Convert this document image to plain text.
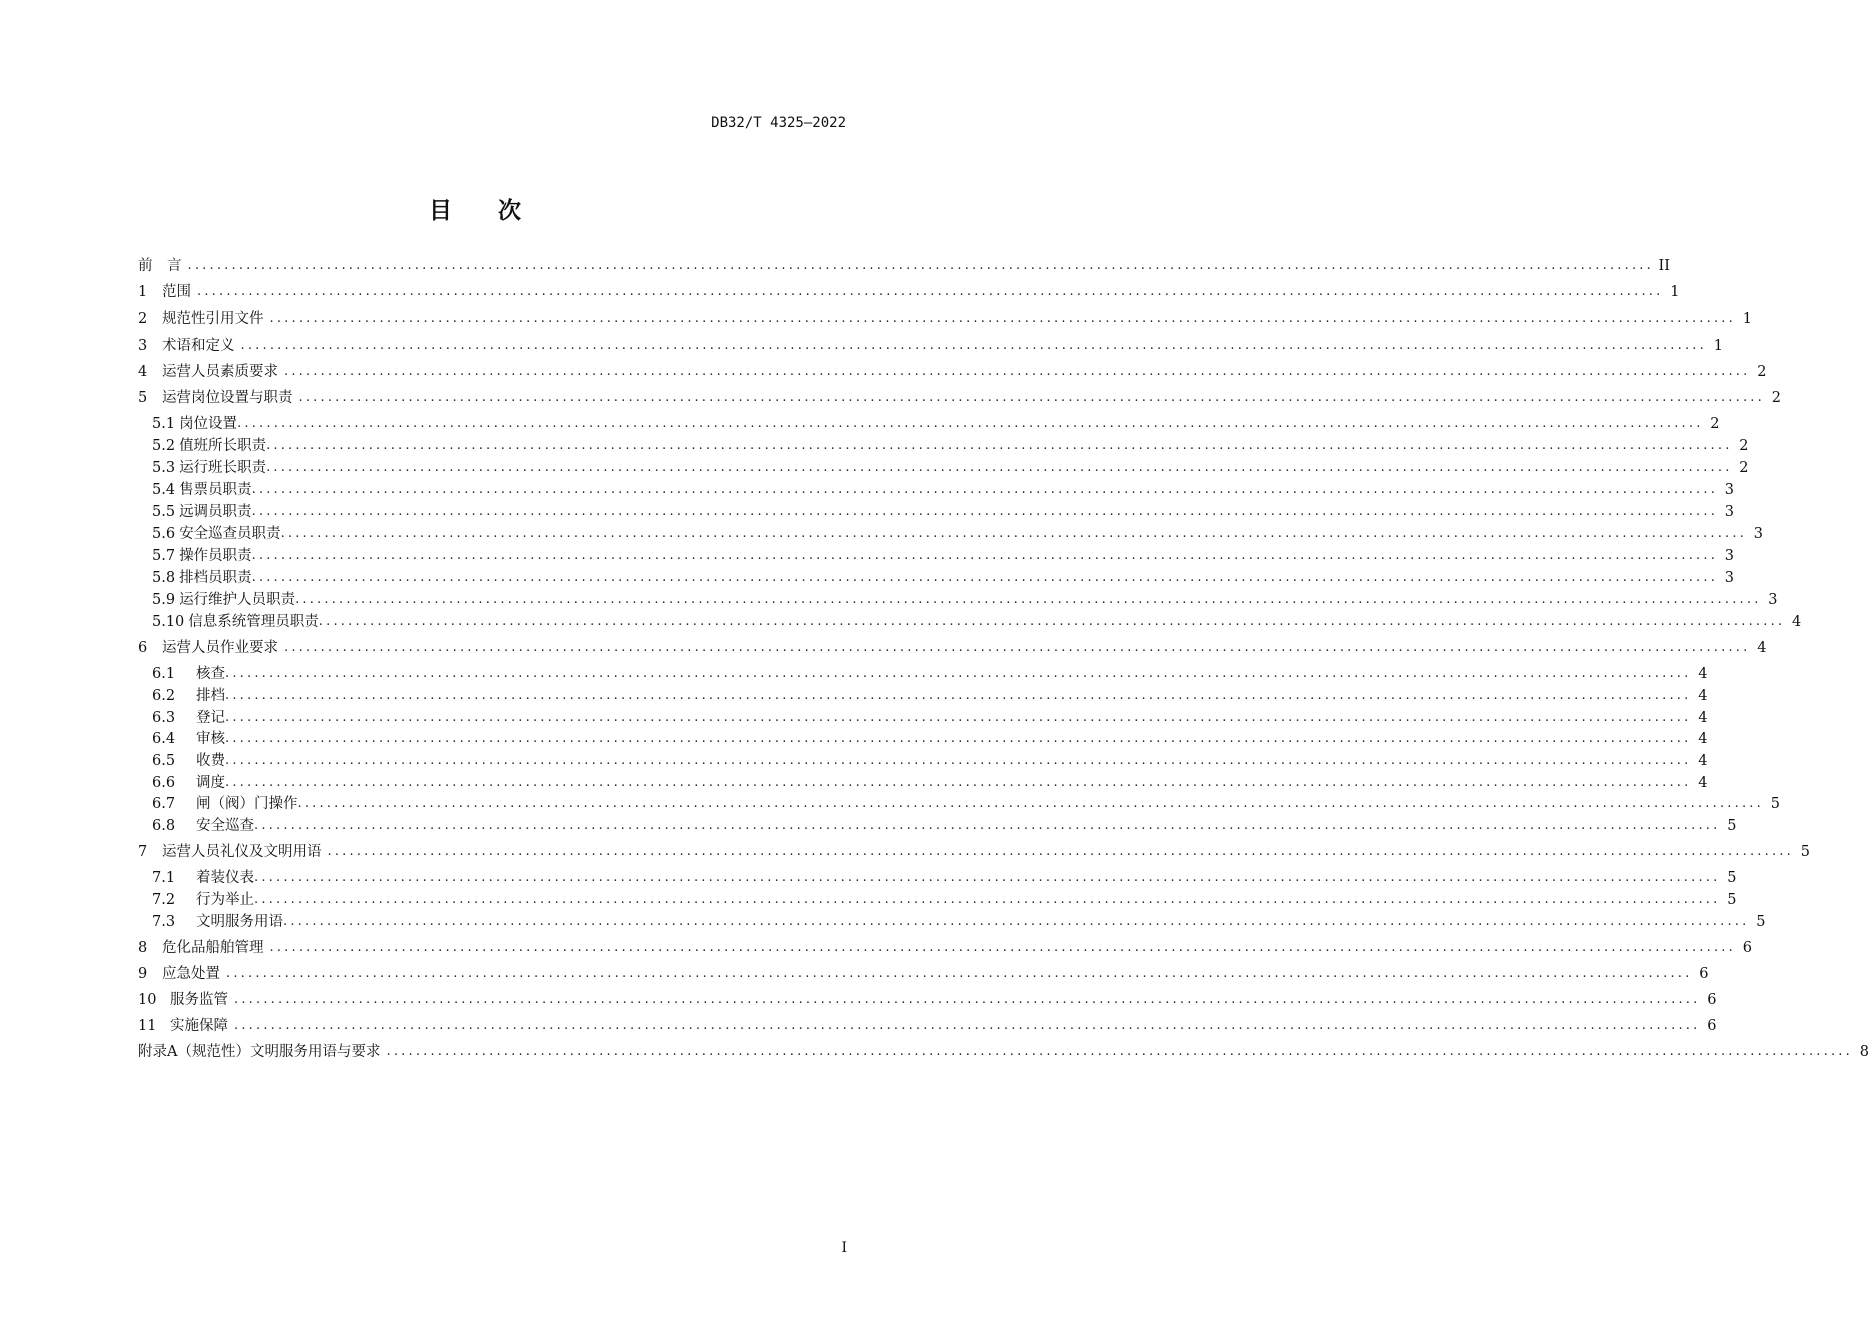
DB32/T 4325—2022
目 次
前　言 ........................................................................................................................................................................................................ II
1	范围 ........................................................................................................................................................................................................ 1
2	规范性引用文件 ........................................................................................................................................................................................................ 1
3	术语和定义 ........................................................................................................................................................................................................ 1
4	运营人员素质要求 ........................................................................................................................................................................................................ 2
5	运营岗位设置与职责 ........................................................................................................................................................................................................ 2
5.1 岗位设置 ........................................................................................................................................................................................................ 2
5.2 值班所长职责 ........................................................................................................................................................................................................ 2
5.3 运行班长职责 ........................................................................................................................................................................................................ 2
5.4 售票员职责 ........................................................................................................................................................................................................ 3
5.5 远调员职责 ........................................................................................................................................................................................................ 3
5.6 安全巡查员职责 ........................................................................................................................................................................................................ 3
5.7 操作员职责 ........................................................................................................................................................................................................ 3
5.8 排档员职责 ........................................................................................................................................................................................................ 3
5.9 运行维护人员职责 ........................................................................................................................................................................................................ 3
5.10 信息系统管理员职责 ........................................................................................................................................................................................................ 4
6	运营人员作业要求 ........................................................................................................................................................................................................ 4
6.1	核查 ........................................................................................................................................................................................................ 4
6.2	排档 ........................................................................................................................................................................................................ 4
6.3	登记 ........................................................................................................................................................................................................ 4
6.4	审核 ........................................................................................................................................................................................................ 4
6.5	收费 ........................................................................................................................................................................................................ 4
6.6	调度 ........................................................................................................................................................................................................ 4
6.7	闸（阀）门操作 ........................................................................................................................................................................................................ 5
6.8	安全巡查 ........................................................................................................................................................................................................ 5
7	运营人员礼仪及文明用语 ........................................................................................................................................................................................................ 5
7.1	着装仪表 ........................................................................................................................................................................................................ 5
7.2	行为举止 ........................................................................................................................................................................................................ 5
7.3	文明服务用语 ........................................................................................................................................................................................................ 5
8	危化品船舶管理 ........................................................................................................................................................................................................ 6
9	应急处置 ........................................................................................................................................................................................................ 6
10 服务监管 ........................................................................................................................................................................................................ 6
11 实施保障 ........................................................................................................................................................................................................ 6
附录A（规范性）文明服务用语与要求 ........................................................................................................................................................................................................ 8
I
